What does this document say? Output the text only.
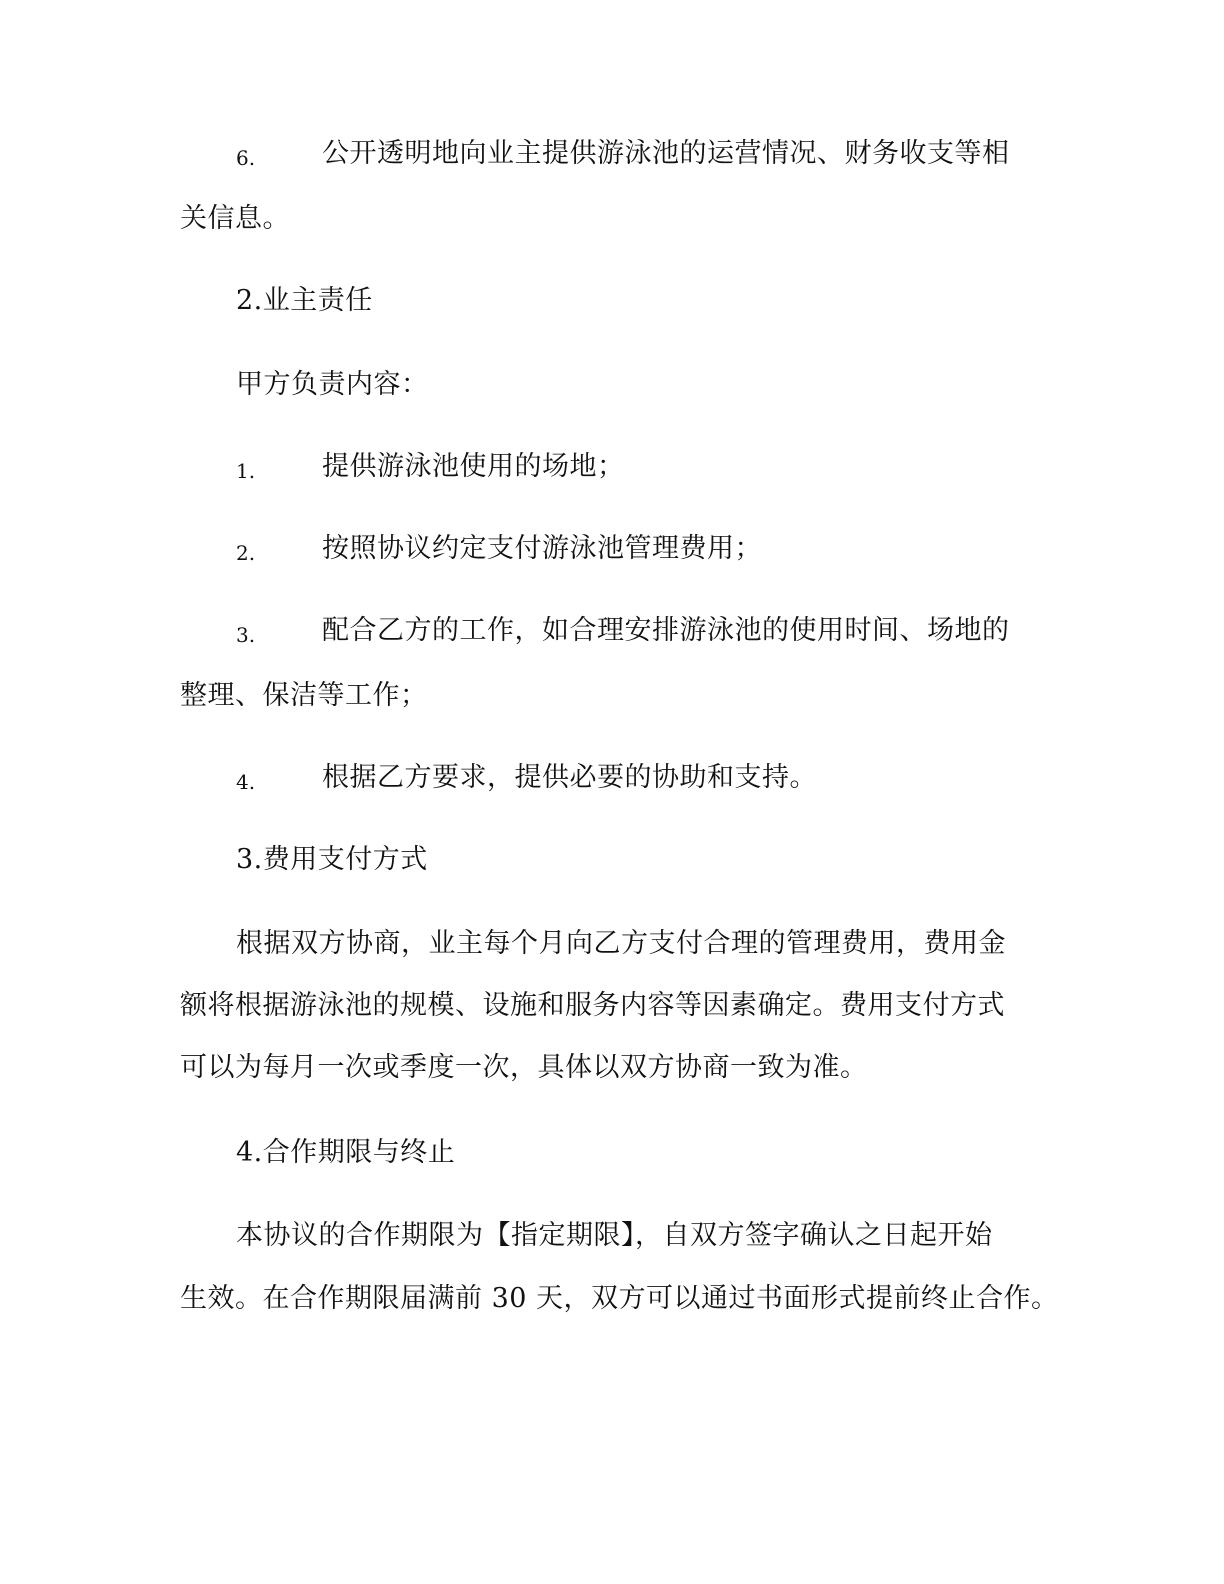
6. 公开透明地向业主提供游泳池的运营情况、财务收支等相
关信息。
2.业主责任
甲方负责内容：
1. 提供游泳池使用的场地；
2. 按照协议约定支付游泳池管理费用；
3. 配合乙方的工作，如合理安排游泳池的使用时间、场地的
整理、保洁等工作；
4. 根据乙方要求，提供必要的协助和支持。
3.费用支付方式
根据双方协商，业主每个月向乙方支付合理的管理费用，费用金
额将根据游泳池的规模、设施和服务内容等因素确定。费用支付方式
可以为每月一次或季度一次，具体以双方协商一致为准。
4.合作期限与终止
本协议的合作期限为【指定期限】，自双方签字确认之日起开始
生效。在合作期限届满前 30 天，双方可以通过书面形式提前终止合作。
